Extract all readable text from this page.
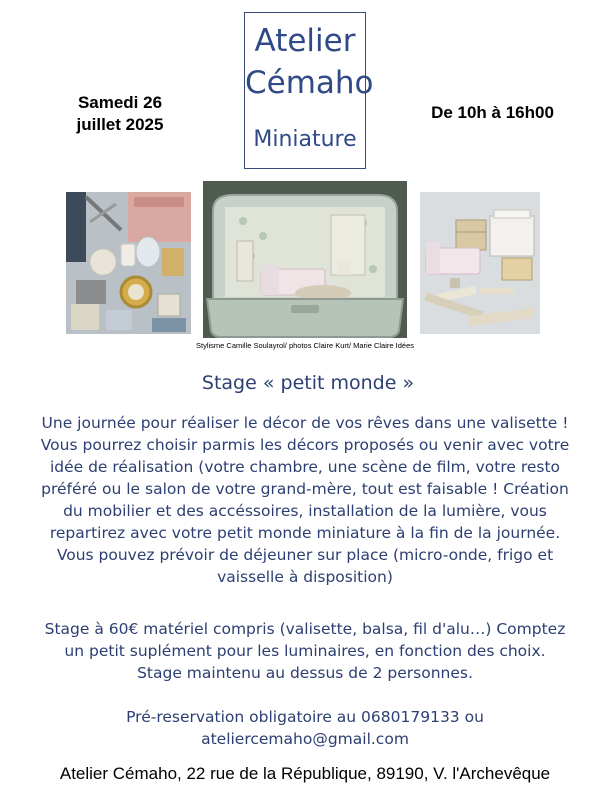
Atelier
Cémaho
Miniature
Samedi 26
juillet 2025
De 10h à 16h00
Stylisme Camille Soulayrol/ photos Claire Kurt/ Marie Claire Idées
Stage « petit monde »
Une journée pour réaliser le décor de vos rêves dans une valisette ! Vous pourrez choisir parmis les décors proposés ou venir avec votre idée de réalisation (votre chambre, une scène de film, votre resto préféré ou le salon de votre grand-mère, tout est faisable ! Création du mobilier et des accéssoires, installation de la lumière, vous repartirez avec votre petit monde miniature à la fin de la journée. Vous pouvez prévoir de déjeuner sur place (micro-onde, frigo et vaisselle à disposition)
Stage à 60€ matériel compris (valisette, balsa, fil d'alu…) Comptez un petit suplément pour les luminaires, en fonction des choix. Stage maintenu au dessus de 2 personnes.
Pré-reservation obligatoire au 0680179133 ou ateliercemaho@gmail.com
Atelier Cémaho, 22 rue de la République, 89190, V. l'Archevêque
